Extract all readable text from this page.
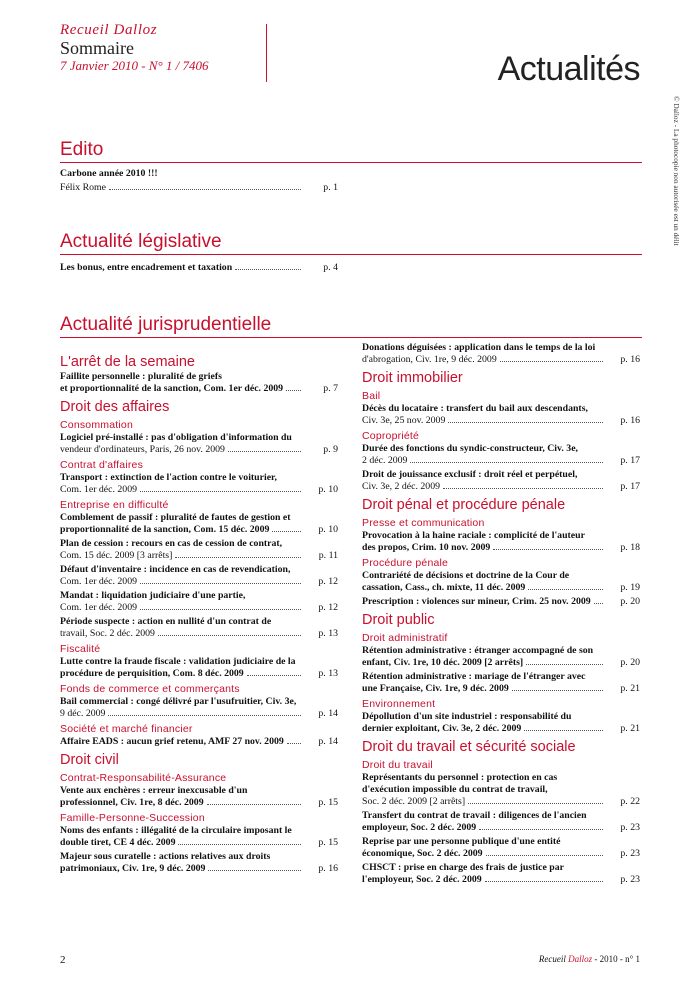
Recueil Dalloz
Sommaire
7 Janvier 2010 - N° 1 / 7406	Actualités
© Dalloz - La photocopie non autorisée est un délit
Edito
Carbone année 2010 !!!
Félix Rome	p. 1
Actualité législative
Les bonus, entre encadrement et taxation	p. 4
Actualité jurisprudentielle
L'arrêt de la semaine
Faillite personnelle : pluralité de griefs
et proportionnalité de la sanction, Com. 1er déc. 2009	p. 7
Droit des affaires
Consommation
Logiciel pré-installé : pas d'obligation d'information du
vendeur d'ordinateurs, Paris, 26 nov. 2009	p. 9
Contrat d'affaires
Transport : extinction de l'action contre le voiturier,
Com. 1er déc. 2009	p. 10
Entreprise en difficulté
Comblement de passif : pluralité de fautes de gestion et
proportionnalité de la sanction, Com. 15 déc. 2009	p. 10
Plan de cession : recours en cas de cession de contrat,
Com. 15 déc. 2009 [3 arrêts]	p. 11
Défaut d'inventaire : incidence en cas de revendication,
Com. 1er déc. 2009	p. 12
Mandat : liquidation judiciaire d'une partie,
Com. 1er déc. 2009	p. 12
Période suspecte : action en nullité d'un contrat de
travail, Soc. 2 déc. 2009	p. 13
Fiscalité
Lutte contre la fraude fiscale : validation judiciaire de la
procédure de perquisition, Com. 8 déc. 2009	p. 13
Fonds de commerce et commerçants
Bail commercial : congé délivré par l'usufruitier, Civ. 3e,
9 déc. 2009	p. 14
Société et marché financier
Affaire EADS : aucun grief retenu, AMF 27 nov. 2009	p. 14
Droit civil
Contrat-Responsabilité-Assurance
Vente aux enchères : erreur inexcusable d'un
professionnel, Civ. 1re, 8 déc. 2009	p. 15
Famille-Personne-Succession
Noms des enfants : illégalité de la circulaire imposant le
double tiret, CE 4 déc. 2009	p. 15
Majeur sous curatelle : actions relatives aux droits
patrimoniaux, Civ. 1re, 9 déc. 2009	p. 16
Donations déguisées : application dans le temps de la loi
d'abrogation, Civ. 1re, 9 déc. 2009	p. 16
Droit immobilier
Bail
Décès du locataire : transfert du bail aux descendants,
Civ. 3e, 25 nov. 2009	p. 16
Copropriété
Durée des fonctions du syndic-constructeur, Civ. 3e,
2 déc. 2009	p. 17
Droit de jouissance exclusif : droit réel et perpétuel,
Civ. 3e, 2 déc. 2009	p. 17
Droit pénal et procédure pénale
Presse et communication
Provocation à la haine raciale : complicité de l'auteur
des propos, Crim. 10 nov. 2009	p. 18
Procédure pénale
Contrariété de décisions et doctrine de la Cour de
cassation, Cass., ch. mixte, 11 déc. 2009	p. 19
Prescription : violences sur mineur, Crim. 25 nov. 2009	p. 20
Droit public
Droit administratif
Rétention administrative : étranger accompagné de son
enfant, Civ. 1re, 10 déc. 2009 [2 arrêts]	p. 20
Rétention administrative : mariage de l'étranger avec
une Française, Civ. 1re, 9 déc. 2009	p. 21
Environnement
Dépollution d'un site industriel : responsabilité du
dernier exploitant, Civ. 3e, 2 déc. 2009	p. 21
Droit du travail et sécurité sociale
Droit du travail
Représentants du personnel : protection en cas
d'exécution impossible du contrat de travail,
Soc. 2 déc. 2009 [2 arrêts]	p. 22
Transfert du contrat de travail : diligences de l'ancien
employeur, Soc. 2 déc. 2009	p. 23
Reprise par une personne publique d'une entité
économique, Soc. 2 déc. 2009	p. 23
CHSCT : prise en charge des frais de justice par
l'employeur, Soc. 2 déc. 2009	p. 23
2	Recueil Dalloz - 2010 - n° 1
